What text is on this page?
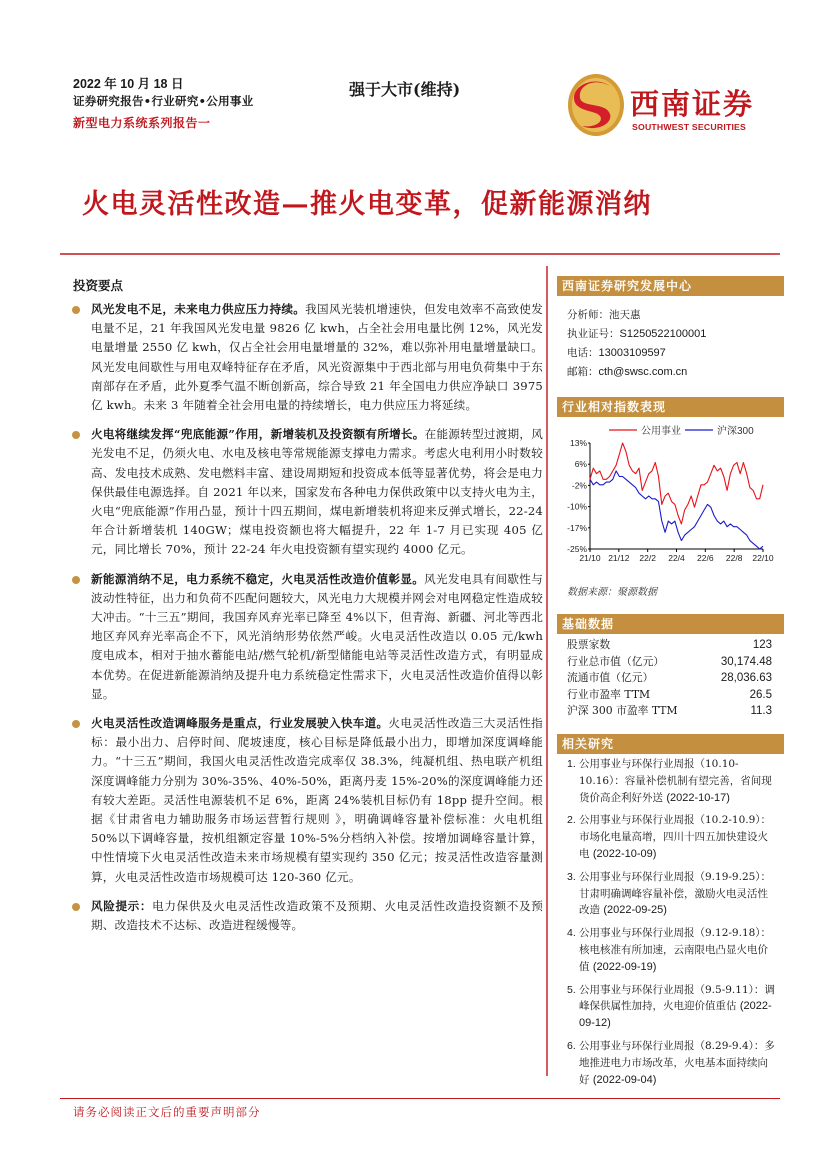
2022 年 10 月 18 日
证券研究报告•行业研究•公用事业
新型电力系统系列报告一
强于大市(维持)	西南证券
SOUTHWEST SECURITIES
火电灵活性改造—推火电变革，促新能源消纳
投资要点
风光发电不足，未来电力供应压力持续。我国风光装机增速快，但发电效率不高致使发电量不足，21 年我国风光发电量 9826 亿 kwh，占全社会用电量比例 12%，风光发电量增量 2550 亿 kwh，仅占全社会用电量增量的 32%，难以弥补用电量增量缺口。风光发电间歇性与用电双峰特征存在矛盾，风光资源集中于西北部与用电负荷集中于东南部存在矛盾，此外夏季气温不断创新高，综合导致 21 年全国电力供应净缺口 3975 亿 kwh。未来 3 年随着全社会用电量的持续增长，电力供应压力将延续。
火电将继续发挥“兜底能源”作用，新增装机及投资额有所增长。在能源转型过渡期，风光发电不足，仍须火电、水电及核电等常规能源支撑电力需求。考虑火电利用小时数较高、发电技术成熟、发电燃料丰富、建设周期短和投资成本低等显著优势，将会是电力保供最佳电源选择。自 2021 年以来，国家发布各种电力保供政策中以支持火电为主，火电“兜底能源”作用凸显，预计十四五期间，煤电新增装机将迎来反弹式增长，22-24 年合计新增装机 140GW；煤电投资额也将大幅提升，22 年 1-7 月已实现 405 亿元，同比增长 70%，预计 22-24 年火电投资额有望实现约 4000 亿元。
新能源消纳不足，电力系统不稳定，火电灵活性改造价值彰显。风光发电具有间歇性与波动性特征，出力和负荷不匹配问题较大，风光电力大规模并网会对电网稳定性造成较大冲击。“十三五”期间，我国弃风弃光率已降至 4%以下，但青海、新疆、河北等西北地区弃风弃光率高企不下，风光消纳形势依然严峻。火电灵活性改造以 0.05 元/kwh 度电成本，相对于抽水蓄能电站/燃气轮机/新型储能电站等灵活性改造方式，有明显成本优势。在促进新能源消纳及提升电力系统稳定性需求下，火电灵活性改造价值得以彰显。
火电灵活性改造调峰服务是重点，行业发展驶入快车道。火电灵活性改造三大灵活性指标：最小出力、启停时间、爬坡速度，核心目标是降低最小出力，即增加深度调峰能力。“十三五”期间，我国火电灵活性改造完成率仅 38.3%，纯凝机组、热电联产机组深度调峰能力分别为 30%-35%、40%-50%，距离丹麦 15%-20%的深度调峰能力还有较大差距。灵活性电源装机不足 6%，距离 24%装机目标仍有 18pp 提升空间。根据《甘肃省电力辅助服务市场运营暂行规则 》，明确调峰容量补偿标准：火电机组 50%以下调峰容量，按机组额定容量 10%-5%分档纳入补偿。按增加调峰容量计算，中性情境下火电灵活性改造未来市场规模有望实现约 350 亿元；按灵活性改造容量测算，火电灵活性改造市场规模可达 120-360 亿元。
风险提示：电力保供及火电灵活性改造政策不及预期、火电灵活性改造投资额不及预期、改造技术不达标、改造进程缓慢等。
西南证券研究发展中心
分析师：池天惠
执业证号：S1250522100001
电话：13003109597
邮箱：cth@swsc.com.cn
行业相对指数表现
公用事业	沪深300
13%
6%
-2%
-10%
-17%
-25%
21/10 21/12 22/2 22/4 22/6 22/8 22/10
数据来源：聚源数据
基础数据
股票家数	123
行业总市值（亿元）	30,174.48
流通市值（亿元）	28,036.63
行业市盈率 TTM	26.5
沪深 300 市盈率 TTM	11.3
相关研究
1. 公用事业与环保行业周报（10.10-10.16）：容量补偿机制有望完善，省间现货价高企利好外送 (2022-10-17)
2. 公用事业与环保行业周报（10.2-10.9）：市场化电量高增，四川十四五加快建设火电 (2022-10-09)
3. 公用事业与环保行业周报（9.19-9.25）：甘肃明确调峰容量补偿，激励火电灵活性改造 (2022-09-25)
4. 公用事业与环保行业周报（9.12-9.18）：核电核准有所加速，云南限电凸显火电价值 (2022-09-19)
5. 公用事业与环保行业周报（9.5-9.11）：调峰保供属性加持，火电迎价值重估 (2022-09-12)
6. 公用事业与环保行业周报（8.29-9.4）：多地推进电力市场改革，火电基本面持续向好 (2022-09-04)
请务必阅读正文后的重要声明部分
